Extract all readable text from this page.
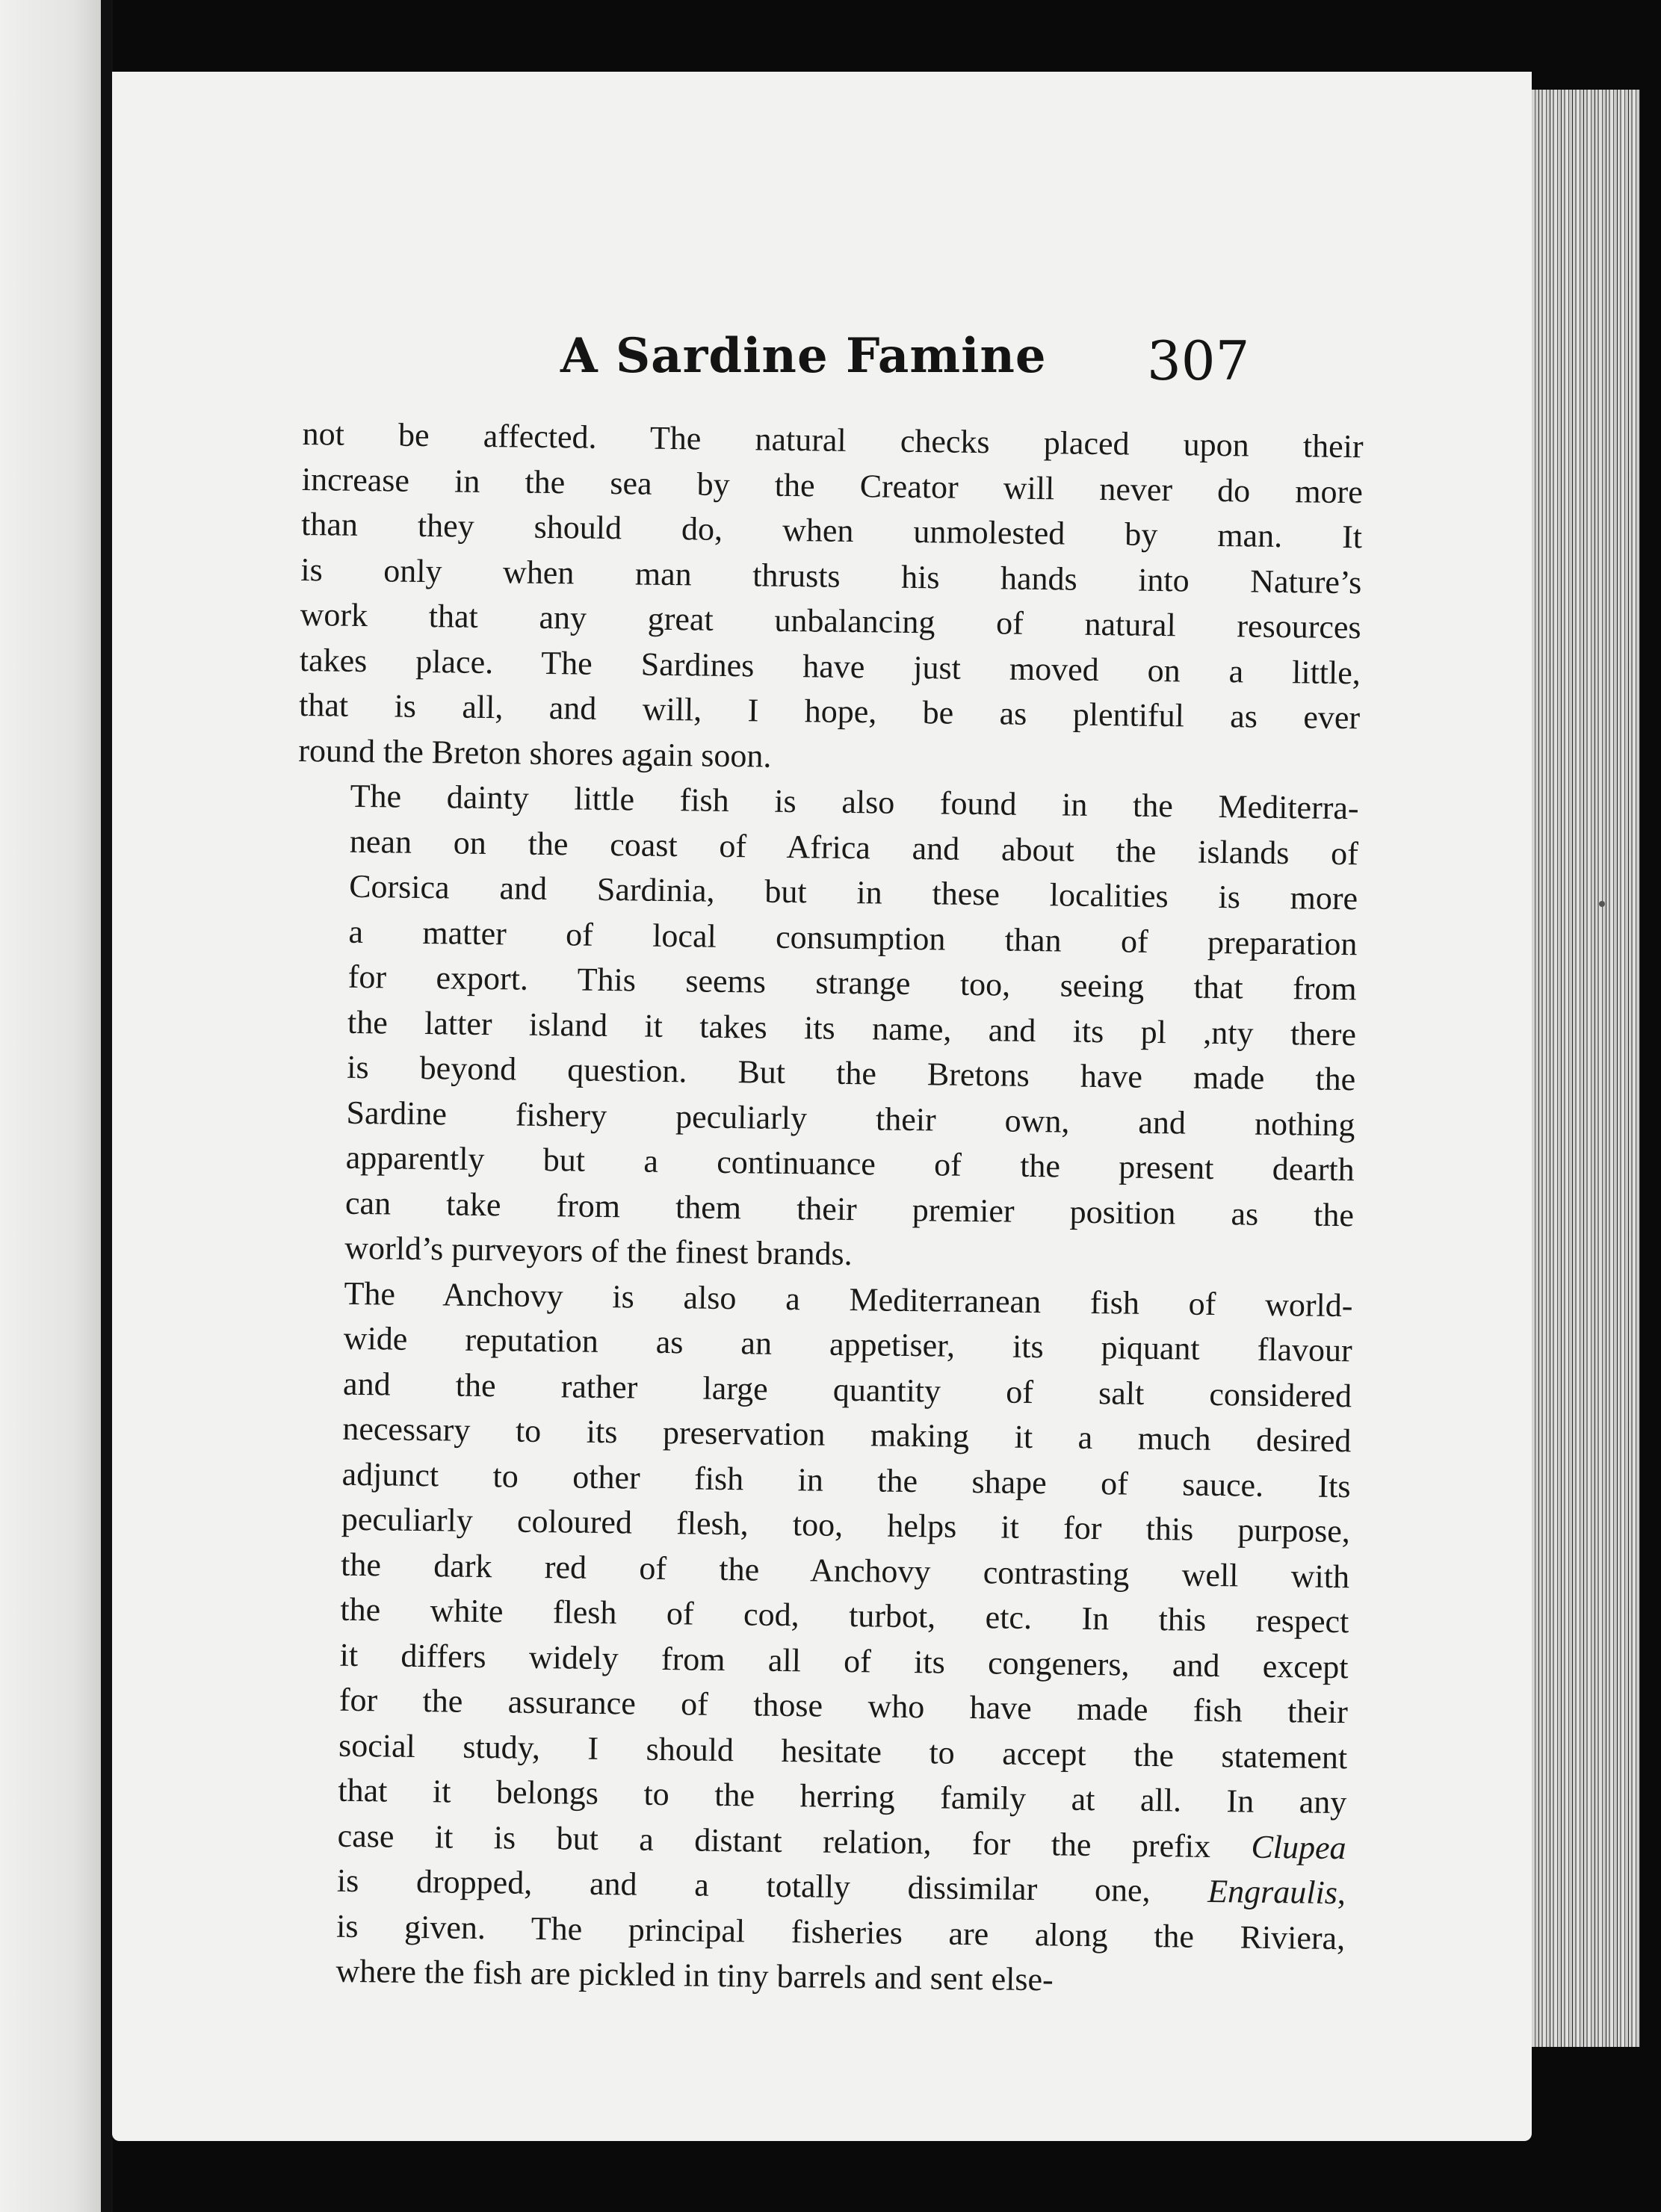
A Sardine Famine 307
not be affected. The natural checks placed upon their
increase in the sea by the Creator will never do more
than they should do, when unmolested by man. It
is only when man thrusts his hands into Nature’s
work that any great unbalancing of natural resources
takes place. The Sardines have just moved on a little,
that is all, and will, I hope, be as plentiful as ever
round the Breton shores again soon.
The dainty little fish is also found in the Mediterra-
nean on the coast of Africa and about the islands of
Corsica and Sardinia, but in these localities is more
a matter of local consumption than of preparation
for export. This seems strange too, seeing that from
the latter island it takes its name, and its pl ,nty there
is beyond question. But the Bretons have made the
Sardine fishery peculiarly their own, and nothing
apparently but a continuance of the present dearth
can take from them their premier position as the
world’s purveyors of the finest brands.
The Anchovy is also a Mediterranean fish of world-
wide reputation as an appetiser, its piquant flavour
and the rather large quantity of salt considered
necessary to its preservation making it a much desired
adjunct to other fish in the shape of sauce. Its
peculiarly coloured flesh, too, helps it for this purpose,
the dark red of the Anchovy contrasting well with
the white flesh of cod, turbot, etc. In this respect
it differs widely from all of its congeners, and except
for the assurance of those who have made fish their
social study, I should hesitate to accept the statement
that it belongs to the herring family at all. In any
case it is but a distant relation, for the prefix Clupea
is dropped, and a totally dissimilar one, Engraulis,
is given. The principal fisheries are along the Riviera,
where the fish are pickled in tiny barrels and sent else-
